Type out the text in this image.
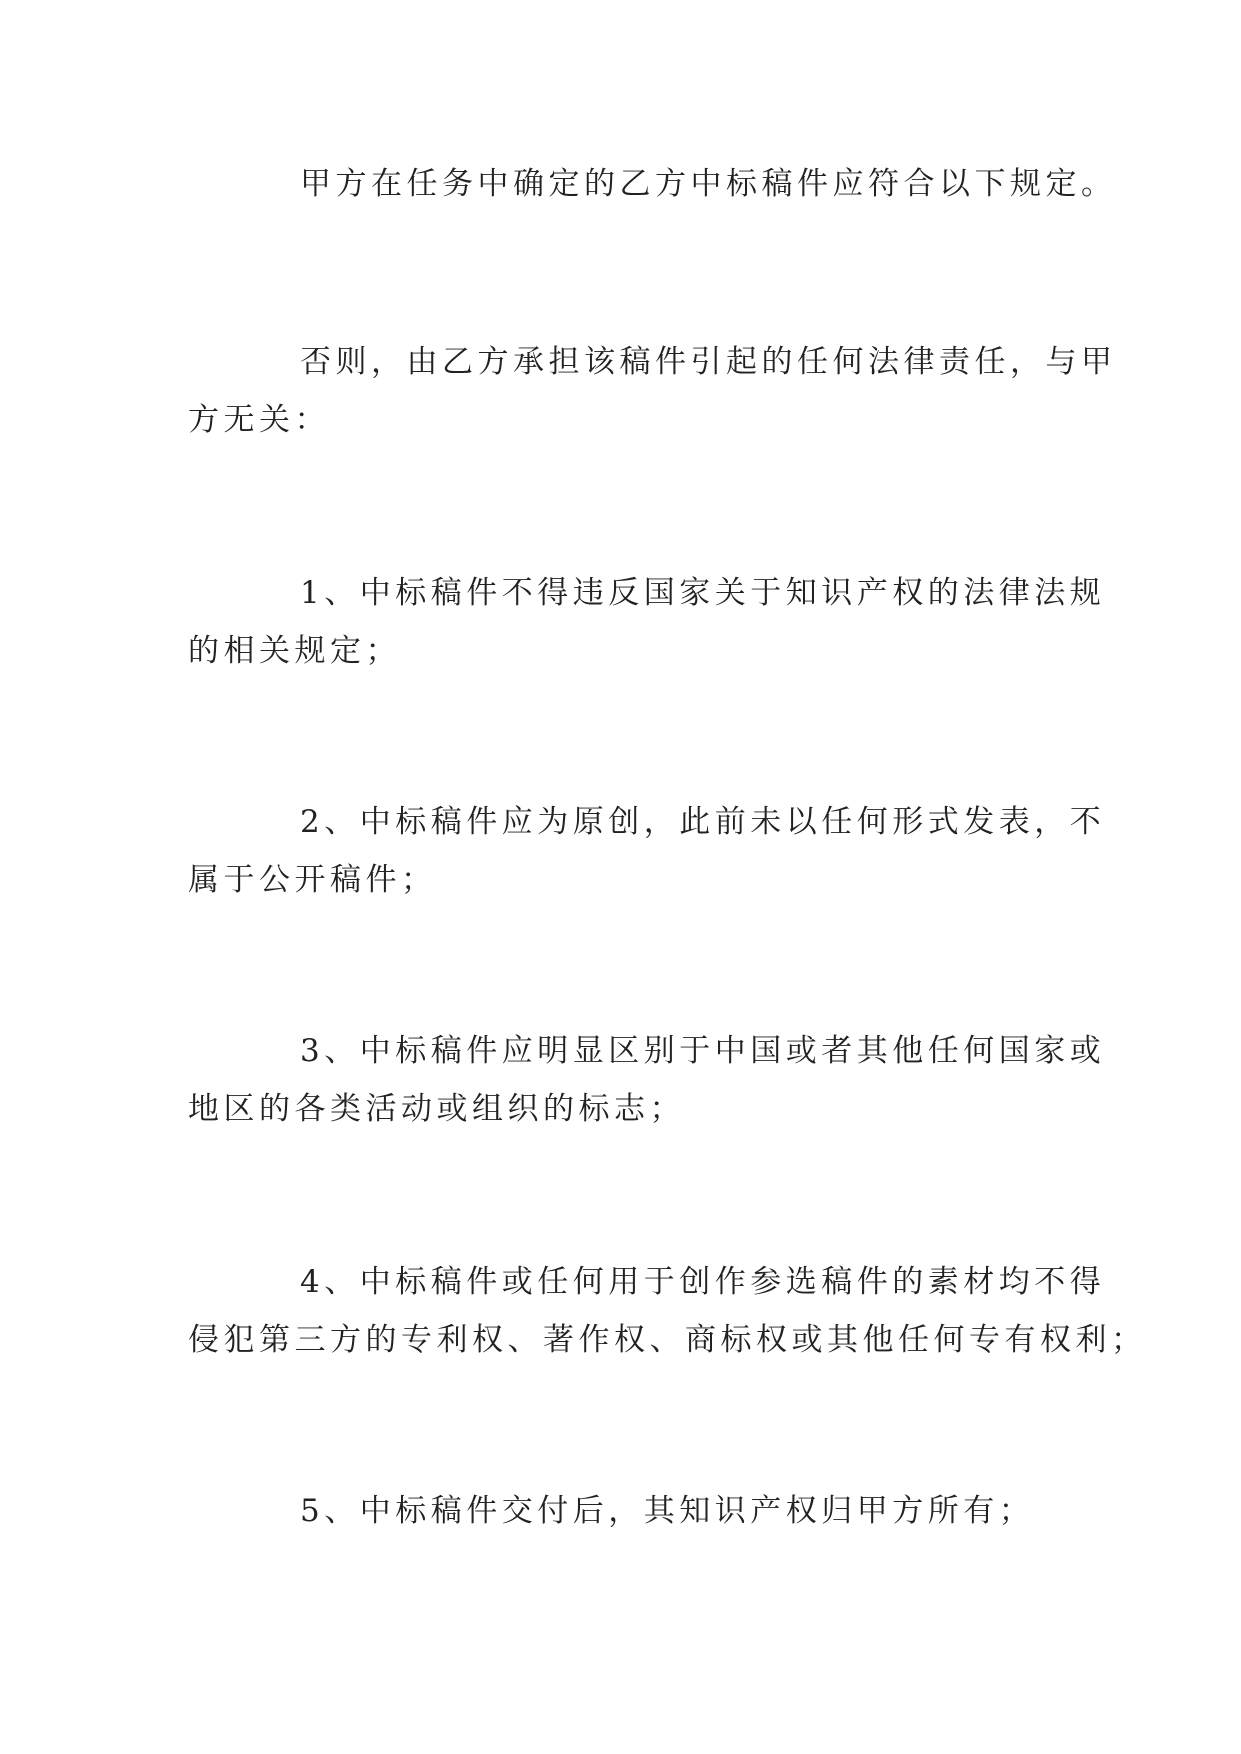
甲方在任务中确定的乙方中标稿件应符合以下规定。
否则，由乙方承担该稿件引起的任何法律责任，与甲
方无关：
1、中标稿件不得违反国家关于知识产权的法律法规
的相关规定；
2、中标稿件应为原创，此前未以任何形式发表，不
属于公开稿件；
3、中标稿件应明显区别于中国或者其他任何国家或
地区的各类活动或组织的标志；
4、中标稿件或任何用于创作参选稿件的素材均不得
侵犯第三方的专利权、著作权、商标权或其他任何专有权利；
5、中标稿件交付后，其知识产权归甲方所有；
